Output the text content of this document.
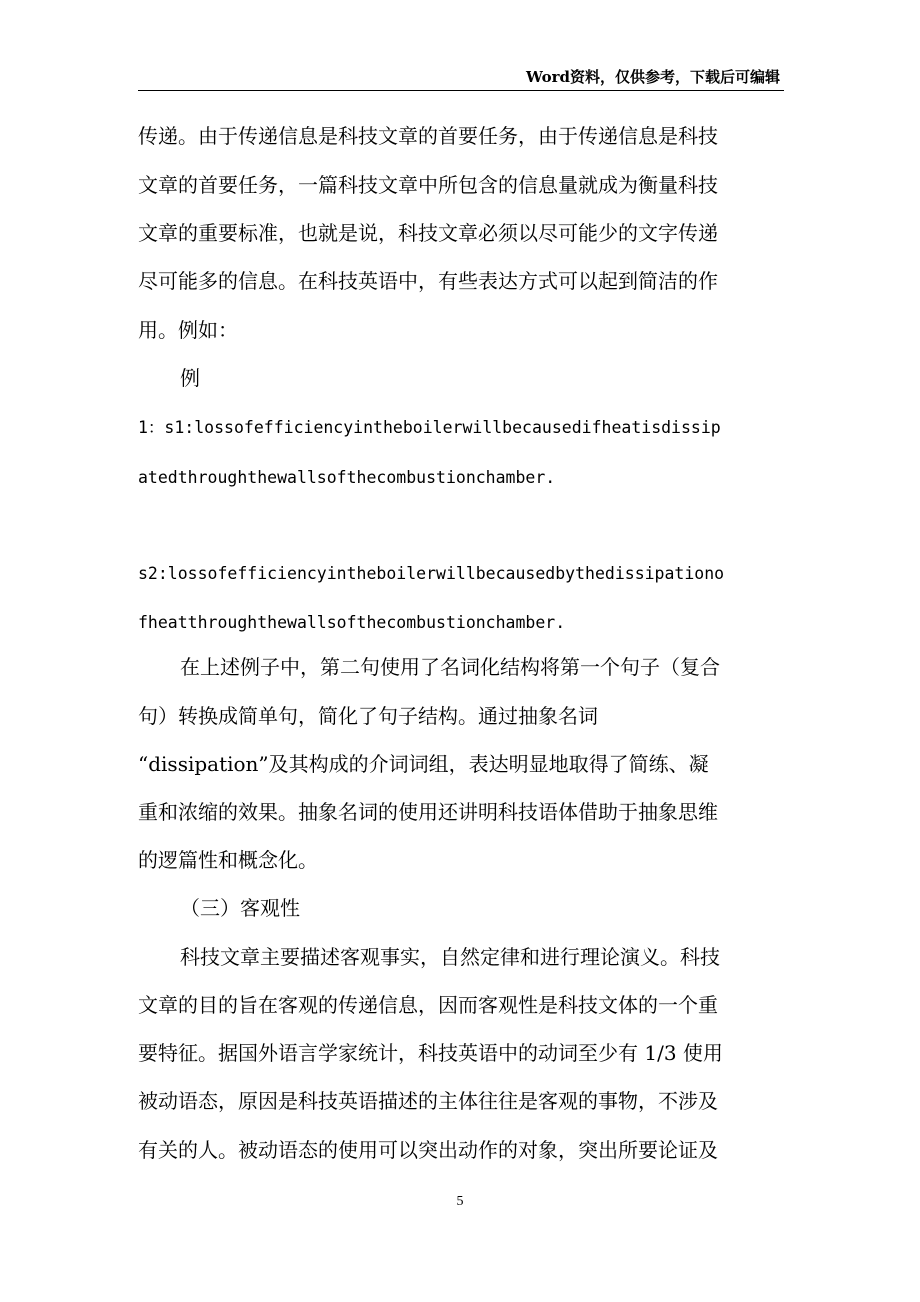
Word资料，仅供参考，下载后可编辑
传递。由于传递信息是科技文章的首要任务，由于传递信息是科技
文章的首要任务，一篇科技文章中所包含的信息量就成为衡量科技
文章的重要标准，也就是说，科技文章必须以尽可能少的文字传递
尽可能多的信息。在科技英语中，有些表达方式可以起到简洁的作
用。例如：
例
1：s1:lossofefficiencyintheboilerwillbecausedifheatisdissip
atedthroughthewallsofthecombustionchamber.
s2:lossofefficiencyintheboilerwillbecausedbythedissipationo
fheatthroughthewallsofthecombustionchamber.
在上述例子中，第二句使用了名词化结构将第一个句子（复合
句）转换成简单句，简化了句子结构。通过抽象名词
“dissipation”及其构成的介词词组，表达明显地取得了简练、凝
重和浓缩的效果。抽象名词的使用还讲明科技语体借助于抽象思维
的逻篇性和概念化。
（三）客观性
科技文章主要描述客观事实，自然定律和进行理论演义。科技
文章的目的旨在客观的传递信息，因而客观性是科技文体的一个重
要特征。据国外语言学家统计，科技英语中的动词至少有 1/3 使用
被动语态，原因是科技英语描述的主体往往是客观的事物，不涉及
有关的人。被动语态的使用可以突出动作的对象，突出所要论证及
5
